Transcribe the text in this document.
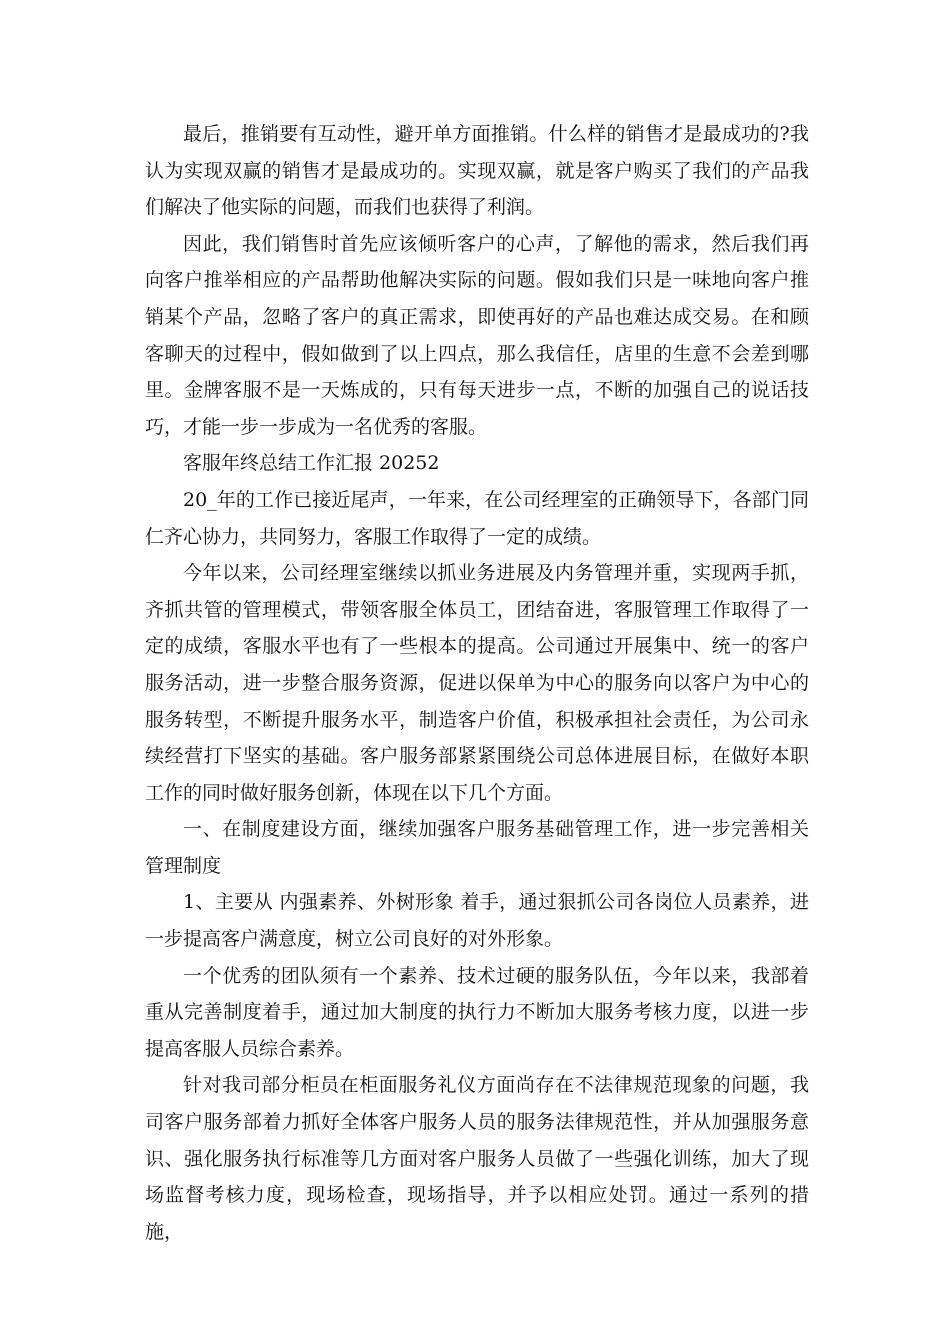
最后，推销要有互动性，避开单方面推销。什么样的销售才是最成功的?我认为实现双赢的销售才是最成功的。实现双赢，就是客户购买了我们的产品我们解决了他实际的问题，而我们也获得了利润。

因此，我们销售时首先应该倾听客户的心声，了解他的需求，然后我们再向客户推举相应的产品帮助他解决实际的问题。假如我们只是一味地向客户推销某个产品，忽略了客户的真正需求，即使再好的产品也难达成交易。在和顾客聊天的过程中，假如做到了以上四点，那么我信任，店里的生意不会差到哪里。金牌客服不是一天炼成的，只有每天进步一点，不断的加强自己的说话技巧，才能一步一步成为一名优秀的客服。

客服年终总结工作汇报 20252

20_年的工作已接近尾声，一年来，在公司经理室的正确领导下，各部门同仁齐心协力，共同努力，客服工作取得了一定的成绩。

今年以来，公司经理室继续以抓业务进展及内务管理并重，实现两手抓，齐抓共管的管理模式，带领客服全体员工，团结奋进，客服管理工作取得了一定的成绩，客服水平也有了一些根本的提高。公司通过开展集中、统一的客户服务活动，进一步整合服务资源，促进以保单为中心的服务向以客户为中心的服务转型，不断提升服务水平，制造客户价值，积极承担社会责任，为公司永续经营打下坚实的基础。客户服务部紧紧围绕公司总体进展目标，在做好本职工作的同时做好服务创新，体现在以下几个方面。

一、在制度建设方面，继续加强客户服务基础管理工作，进一步完善相关管理制度

1、主要从 内强素养、外树形象 着手，通过狠抓公司各岗位人员素养，进一步提高客户满意度，树立公司良好的对外形象。

一个优秀的团队须有一个素养、技术过硬的服务队伍，今年以来，我部着重从完善制度着手，通过加大制度的执行力不断加大服务考核力度，以进一步提高客服人员综合素养。

针对我司部分柜员在柜面服务礼仪方面尚存在不法律规范现象的问题，我司客户服务部着力抓好全体客户服务人员的服务法律规范性，并从加强服务意识、强化服务执行标准等几方面对客户服务人员做了一些强化训练，加大了现场监督考核力度，现场检查，现场指导，并予以相应处罚。通过一系列的措施，
